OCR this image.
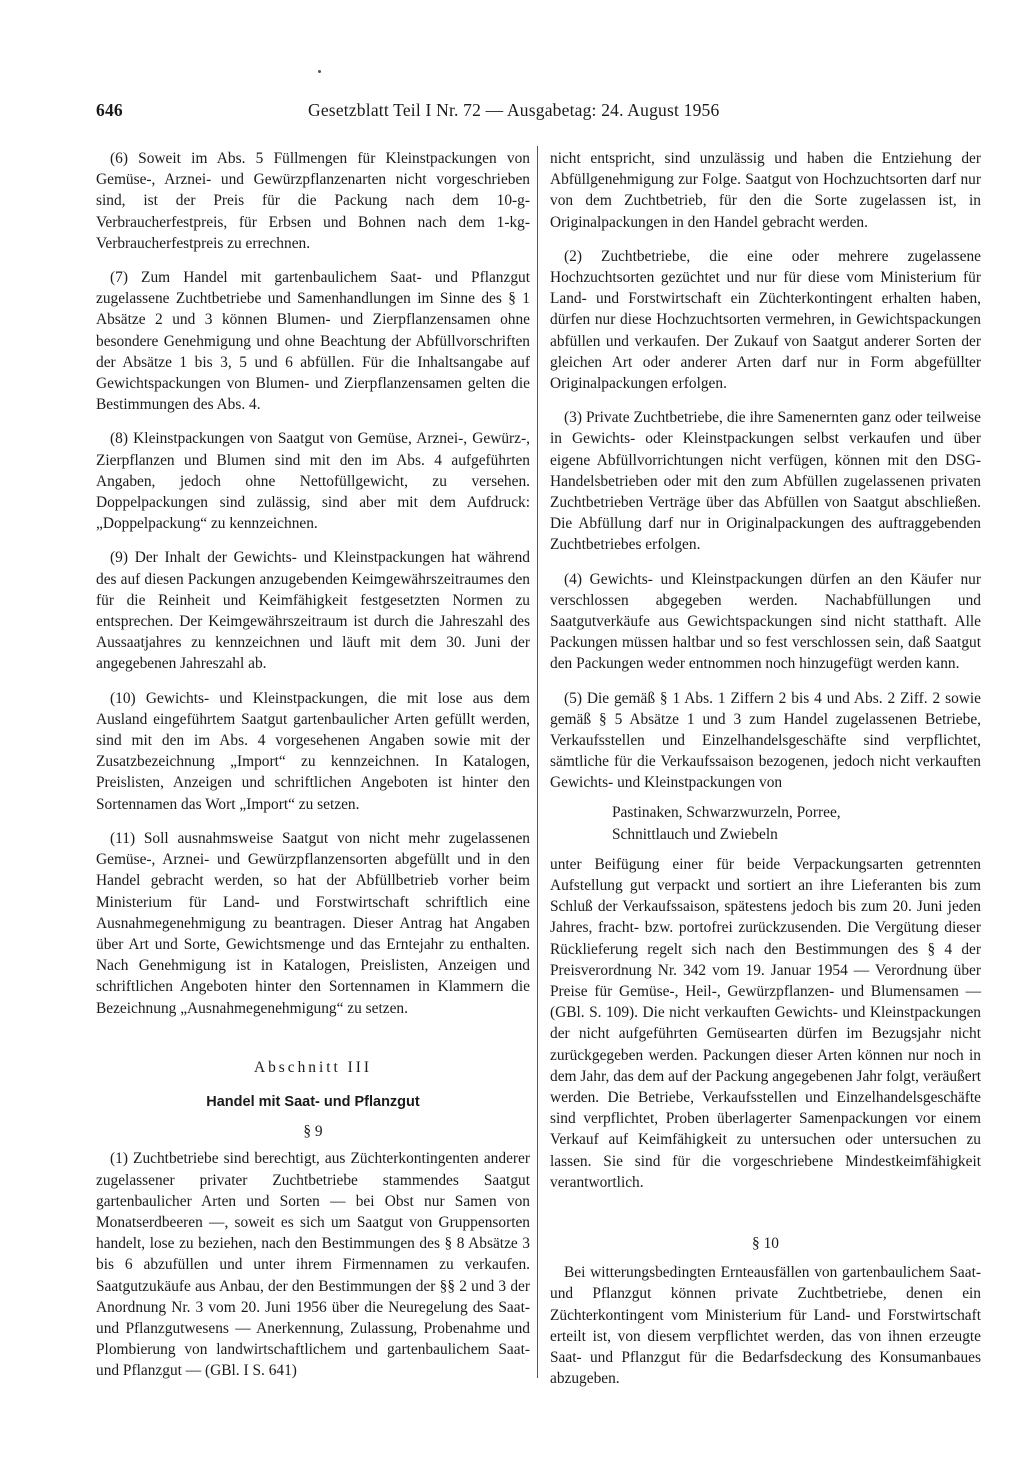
646	Gesetzblatt Teil I Nr. 72 — Ausgabetag: 24. August 1956

(6) Soweit im Abs. 5 Füllmengen für Kleinstpackungen von Gemüse-, Arznei- und Gewürzpflanzenarten nicht vorgeschrieben sind, ist der Preis für die Packung nach dem 10-g-Verbraucherfestpreis, für Erbsen und Bohnen nach dem 1-kg-Verbraucherfestpreis zu errechnen.

(7) Zum Handel mit gartenbaulichem Saat- und Pflanzgut zugelassene Zuchtbetriebe und Samenhandlungen im Sinne des § 1 Absätze 2 und 3 können Blumen- und Zierpflanzensamen ohne besondere Genehmigung und ohne Beachtung der Abfüllvorschriften der Absätze 1 bis 3, 5 und 6 abfüllen. Für die Inhaltsangabe auf Gewichtspackungen von Blumen- und Zierpflanzensamen gelten die Bestimmungen des Abs. 4.

(8) Kleinstpackungen von Saatgut von Gemüse, Arznei-, Gewürz-, Zierpflanzen und Blumen sind mit den im Abs. 4 aufgeführten Angaben, jedoch ohne Nettofüllgewicht, zu versehen. Doppelpackungen sind zulässig, sind aber mit dem Aufdruck: „Doppelpackung“ zu kennzeichnen.

(9) Der Inhalt der Gewichts- und Kleinstpackungen hat während des auf diesen Packungen anzugebenden Keimgewährszeitraumes den für die Reinheit und Keimfähigkeit festgesetzten Normen zu entsprechen. Der Keimgewährszeitraum ist durch die Jahreszahl des Aussaatjahres zu kennzeichnen und läuft mit dem 30. Juni der angegebenen Jahreszahl ab.

(10) Gewichts- und Kleinstpackungen, die mit lose aus dem Ausland eingeführtem Saatgut gartenbaulicher Arten gefüllt werden, sind mit den im Abs. 4 vorgesehenen Angaben sowie mit der Zusatzbezeichnung „Import“ zu kennzeichnen. In Katalogen, Preislisten, Anzeigen und schriftlichen Angeboten ist hinter den Sortennamen das Wort „Import“ zu setzen.

(11) Soll ausnahmsweise Saatgut von nicht mehr zugelassenen Gemüse-, Arznei- und Gewürzpflanzensorten abgefüllt und in den Handel gebracht werden, so hat der Abfüllbetrieb vorher beim Ministerium für Land- und Forstwirtschaft schriftlich eine Ausnahmegenehmigung zu beantragen. Dieser Antrag hat Angaben über Art und Sorte, Gewichtsmenge und das Erntejahr zu enthalten. Nach Genehmigung ist in Katalogen, Preislisten, Anzeigen und schriftlichen Angeboten hinter den Sortennamen in Klammern die Bezeichnung „Ausnahmegenehmigung“ zu setzen.

Abschnitt III

Handel mit Saat- und Pflanzgut

§ 9

(1) Zuchtbetriebe sind berechtigt, aus Züchterkontingenten anderer zugelassener privater Zuchtbetriebe stammendes Saatgut gartenbaulicher Arten und Sorten — bei Obst nur Samen von Monatserdbeeren —, soweit es sich um Saatgut von Gruppensorten handelt, lose zu beziehen, nach den Bestimmungen des § 8 Absätze 3 bis 6 abzufüllen und unter ihrem Firmennamen zu verkaufen. Saatgutzukäufe aus Anbau, der den Bestimmungen der §§ 2 und 3 der Anordnung Nr. 3 vom 20. Juni 1956 über die Neuregelung des Saat- und Pflanzgutwesens — Anerkennung, Zulassung, Probenahme und Plombierung von landwirtschaftlichem und gartenbaulichem Saat- und Pflanzgut — (GBl. I S. 641)

nicht entspricht, sind unzulässig und haben die Entziehung der Abfüllgenehmigung zur Folge. Saatgut von Hochzuchtsorten darf nur von dem Zuchtbetrieb, für den die Sorte zugelassen ist, in Originalpackungen in den Handel gebracht werden.

(2) Zuchtbetriebe, die eine oder mehrere zugelassene Hochzuchtsorten gezüchtet und nur für diese vom Ministerium für Land- und Forstwirtschaft ein Züchterkontingent erhalten haben, dürfen nur diese Hochzuchtsorten vermehren, in Gewichtspackungen abfüllen und verkaufen. Der Zukauf von Saatgut anderer Sorten der gleichen Art oder anderer Arten darf nur in Form abgefüllter Originalpackungen erfolgen.

(3) Private Zuchtbetriebe, die ihre Samenernten ganz oder teilweise in Gewichts- oder Kleinstpackungen selbst verkaufen und über eigene Abfüllvorrichtungen nicht verfügen, können mit den DSG-Handelsbetrieben oder mit den zum Abfüllen zugelassenen privaten Zuchtbetrieben Verträge über das Abfüllen von Saatgut abschließen. Die Abfüllung darf nur in Originalpackungen des auftraggebenden Zuchtbetriebes erfolgen.

(4) Gewichts- und Kleinstpackungen dürfen an den Käufer nur verschlossen abgegeben werden. Nachabfüllungen und Saatgutverkäufe aus Gewichtspackungen sind nicht statthaft. Alle Packungen müssen haltbar und so fest verschlossen sein, daß Saatgut den Packungen weder entnommen noch hinzugefügt werden kann.

(5) Die gemäß § 1 Abs. 1 Ziffern 2 bis 4 und Abs. 2 Ziff. 2 sowie gemäß § 5 Absätze 1 und 3 zum Handel zugelassenen Betriebe, Verkaufsstellen und Einzelhandelsgeschäfte sind verpflichtet, sämtliche für die Verkaufssaison bezogenen, jedoch nicht verkauften Gewichts- und Kleinstpackungen von

Pastinaken, Schwarzwurzeln, Porree,
Schnittlauch und Zwiebeln

unter Beifügung einer für beide Verpackungsarten getrennten Aufstellung gut verpackt und sortiert an ihre Lieferanten bis zum Schluß der Verkaufssaison, spätestens jedoch bis zum 20. Juni jeden Jahres, fracht- bzw. portofrei zurückzusenden. Die Vergütung dieser Rücklieferung regelt sich nach den Bestimmungen des § 4 der Preisverordnung Nr. 342 vom 19. Januar 1954 — Verordnung über Preise für Gemüse-, Heil-, Gewürzpflanzen- und Blumensamen — (GBl. S. 109). Die nicht verkauften Gewichts- und Kleinstpackungen der nicht aufgeführten Gemüsearten dürfen im Bezugsjahr nicht zurückgegeben werden. Packungen dieser Arten können nur noch in dem Jahr, das dem auf der Packung angegebenen Jahr folgt, veräußert werden. Die Betriebe, Verkaufsstellen und Einzelhandelsgeschäfte sind verpflichtet, Proben überlagerter Samenpackungen vor einem Verkauf auf Keimfähigkeit zu untersuchen oder untersuchen zu lassen. Sie sind für die vorgeschriebene Mindestkeimfähigkeit verantwortlich.

§ 10

Bei witterungsbedingten Ernteausfällen von gartenbaulichem Saat- und Pflanzgut können private Zuchtbetriebe, denen ein Züchterkontingent vom Ministerium für Land- und Forstwirtschaft erteilt ist, von diesem verpflichtet werden, das von ihnen erzeugte Saat- und Pflanzgut für die Bedarfsdeckung des Konsumanbaues abzugeben.
